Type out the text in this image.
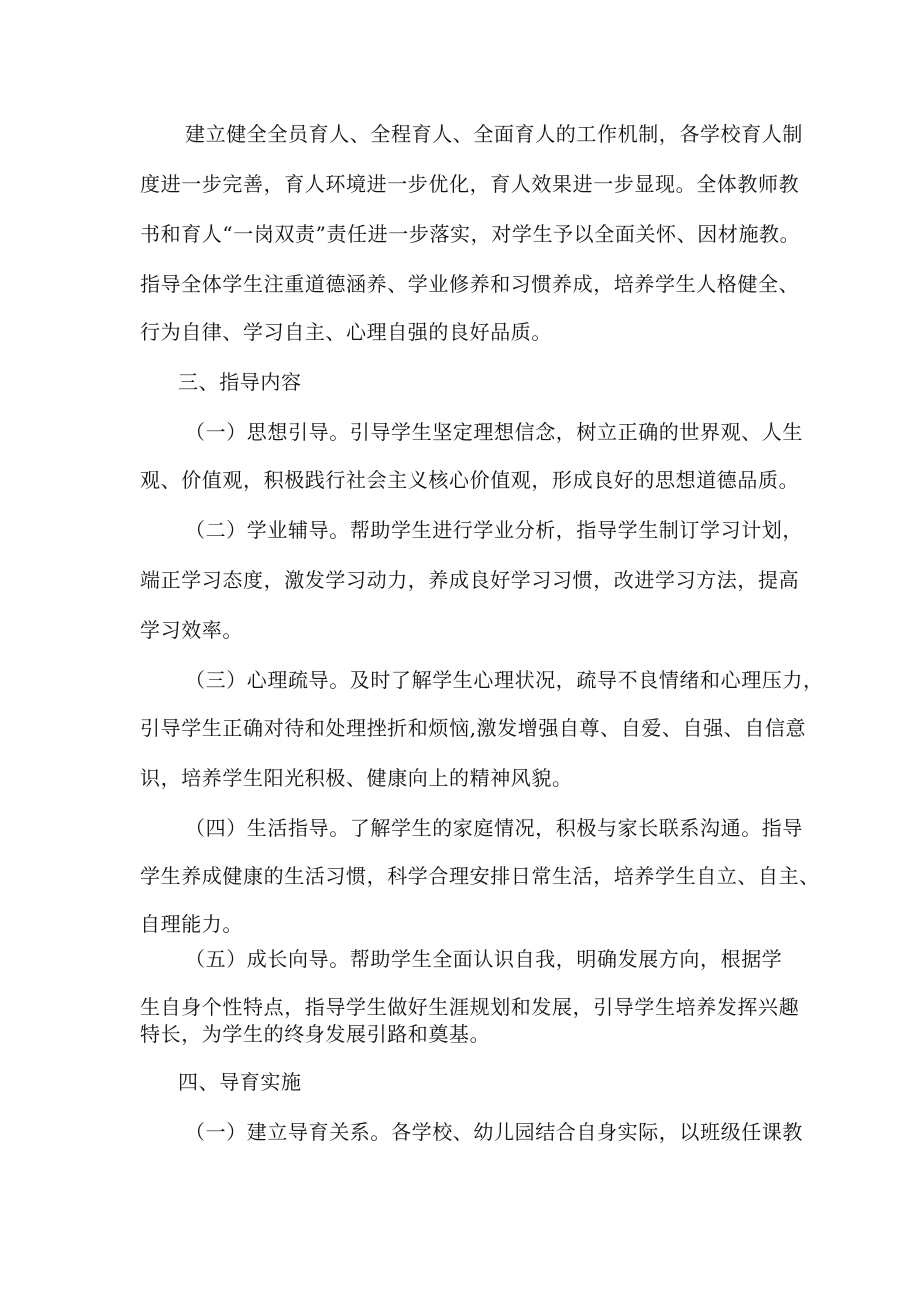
建立健全全员育人、全程育人、全面育人的工作机制，各学校育人制
度进一步完善，育人环境进一步优化，育人效果进一步显现。全体教师教
书和育人“一岗双责”责任进一步落实，对学生予以全面关怀、因材施教。
指导全体学生注重道德涵养、学业修养和习惯养成，培养学生人格健全、
行为自律、学习自主、心理自强的良好品质。
三、指导内容
（一）思想引导。引导学生坚定理想信念，树立正确的世界观、人生
观、价值观，积极践行社会主义核心价值观，形成良好的思想道德品质。
（二）学业辅导。帮助学生进行学业分析，指导学生制订学习计划，
端正学习态度，激发学习动力，养成良好学习习惯，改进学习方法，提高
学习效率。
（三）心理疏导。及时了解学生心理状况，疏导不良情绪和心理压力，
引导学生正确对待和处理挫折和烦恼,激发增强自尊、自爱、自强、自信意
识，培养学生阳光积极、健康向上的精神风貌。
（四）生活指导。了解学生的家庭情况，积极与家长联系沟通。指导
学生养成健康的生活习惯，科学合理安排日常生活，培养学生自立、自主、
自理能力。
（五）成长向导。帮助学生全面认识自我，明确发展方向，根据学
生自身个性特点，指导学生做好生涯规划和发展，引导学生培养发挥兴趣
特长，为学生的终身发展引路和奠基。
四、导育实施
（一）建立导育关系。各学校、幼儿园结合自身实际，以班级任课教
